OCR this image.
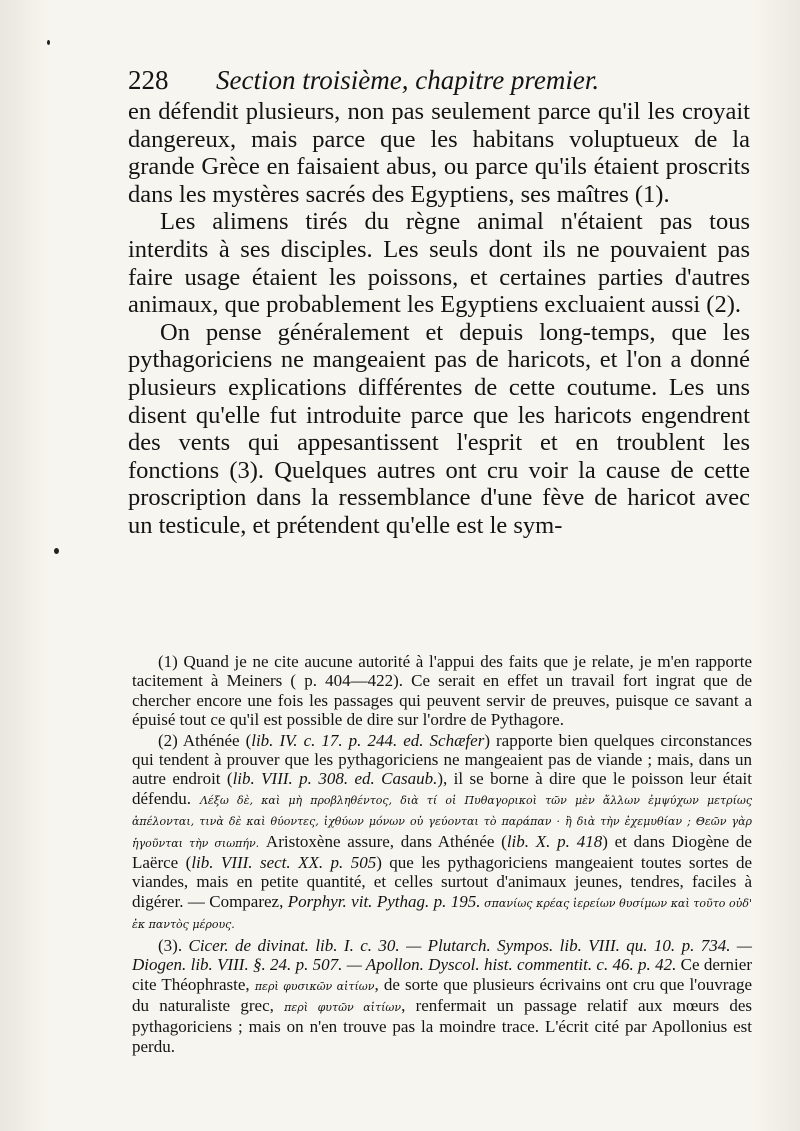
228 Section troisième, chapitre premier.

en défendit plusieurs, non pas seulement parce qu'il les croyait dangereux, mais parce que les habitans voluptueux de la grande Grèce en faisaient abus, ou parce qu'ils étaient proscrits dans les mystères sacrés des Egyptiens, ses maîtres (1).

Les alimens tirés du règne animal n'étaient pas tous interdits à ses disciples. Les seuls dont ils ne pouvaient pas faire usage étaient les poissons, et certaines parties d'autres animaux, que probablement les Egyptiens excluaient aussi (2).

On pense généralement et depuis long-temps, que les pythagoriciens ne mangeaient pas de haricots, et l'on a donné plusieurs explications différentes de cette coutume. Les uns disent qu'elle fut introduite parce que les haricots engendrent des vents qui appesantissent l'esprit et en troublent les fonctions (3). Quelques autres ont cru voir la cause de cette proscription dans la ressemblance d'une fève de haricot avec un testicule, et prétendent qu'elle est le sym-

(1) Quand je ne cite aucune autorité à l'appui des faits que je relate, je m'en rapporte tacitement à Meiners ( p. 404—422). Ce serait en effet un travail fort ingrat que de chercher encore une fois les passages qui peuvent servir de preuves, puisque ce savant a épuisé tout ce qu'il est possible de dire sur l'ordre de Pythagore.

(2) Athénée (lib. IV. c. 17. p. 244. ed. Schæfer) rapporte bien quelques circonstances qui tendent à prouver que les pythagoriciens ne mangeaient pas de viande ; mais, dans un autre endroit (lib. VIII. p. 308. ed. Casaub.), il se borne à dire que le poisson leur était défendu. Λέξω δὲ, καὶ μὴ προβληθέντος, διὰ τί οἱ Πυθαγορικοὶ τῶν μὲν ἄλλων ἐμψύχων μετρίως ἀπέλονται, τινὰ δὲ καὶ θύοντες, ἰχθύων μόνων οὐ γεύονται τὸ παράπαν · ἢ διὰ τὴν ἐχεμυθίαν ; Θεῶν γὰρ ἡγοῦνται τὴν σιωπήν. Aristoxène assure, dans Athénée (lib. X. p. 418) et dans Diogène de Laërce (lib. VIII. sect. XX. p. 505) que les pythagoriciens mangeaient toutes sortes de viandes, mais en petite quantité, et celles surtout d'animaux jeunes, tendres, faciles à digérer. — Comparez, Porphyr. vit. Pythag. p. 195. σπανίως κρέας ἱερείων θυσίμων καὶ τοῦτο οὐδ' ἐκ παντὸς μέρους.

(3). Cicer. de divinat. lib. I. c. 30. — Plutarch. Sympos. lib. VIII. qu. 10. p. 734. — Diogen. lib. VIII. §. 24. p. 507. — Apollon. Dyscol. hist. commentit. c. 46. p. 42. Ce dernier cite Théophraste, περὶ φυσικῶν αἰτίων, de sorte que plusieurs écrivains ont cru que l'ouvrage du naturaliste grec, περὶ φυτῶν αἰτίων, renfermait un passage relatif aux mœurs des pythagoriciens ; mais on n'en trouve pas la moindre trace. L'écrit cité par Apollonius est perdu.
